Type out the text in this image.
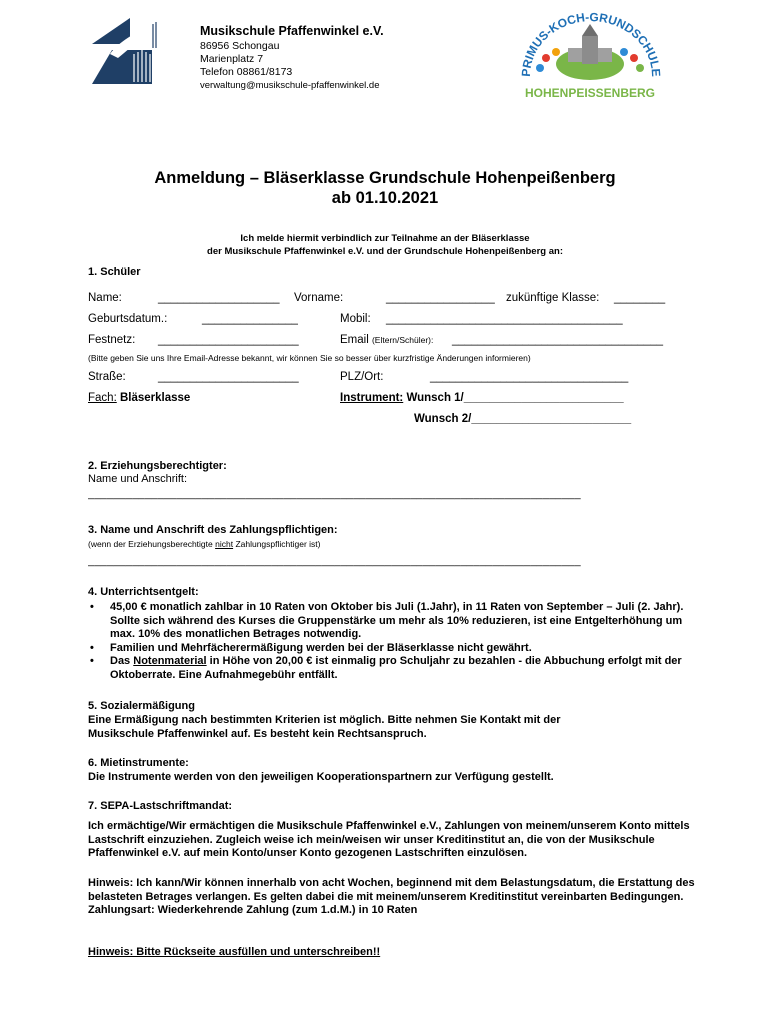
Musikschule Pfaffenwinkel e.V.
86956 Schongau
Marienplatz 7
Telefon 08861/8173
verwaltung@musikschule-pfaffenwinkel.de
PRIMUS-KOCH-GRUNDSCHULE
HOHENPEISSENBERG
Anmeldung – Bläserklasse Grundschule Hohenpeißenberg
ab 01.10.2021
Ich melde hiermit verbindlich zur Teilnahme an der Bläserklasse
der Musikschule Pfaffenwinkel e.V. und der Grundschule Hohenpeißenberg an:
1. Schüler
Name:	___________________ Vorname:	_________________ zukünftige Klasse: ________
Geburtsdatum.:	_______________	Mobil: _____________________________________
Festnetz: ______________________	Email (Eltern/Schüler): _________________________________
(Bitte geben Sie uns Ihre Email-Adresse bekannt, wir können Sie so besser über kurzfristige Änderungen informieren)
Straße:	______________________	PLZ/Ort:	_______________________________
Fach: Bläserklasse	Instrument: Wunsch 1/_________________________
Wunsch 2/_________________________
2. Erziehungsberechtigter:
Name und Anschrift:
______________________________________________________________________________
3. Name und Anschrift des Zahlungspflichtigen:
(wenn der Erziehungsberechtigte nicht Zahlungspflichtiger ist)
______________________________________________________________________________
4. Unterrichtsentgelt:
• 45,00 € monatlich zahlbar in 10 Raten von Oktober bis Juli (1.Jahr), in 11 Raten von September – Juli (2. Jahr). Sollte sich während des Kurses die Gruppenstärke um mehr als 10% reduzieren, ist eine Entgelterhöhung um max. 10% des monatlichen Betrages notwendig.
• Familien und Mehrfächerermäßigung werden bei der Bläserklasse nicht gewährt.
• Das Notenmaterial in Höhe von 20,00 € ist einmalig pro Schuljahr zu bezahlen - die Abbuchung erfolgt mit der Oktoberrate. Eine Aufnahmegebühr entfällt.
5. Sozialermäßigung
Eine Ermäßigung nach bestimmten Kriterien ist möglich. Bitte nehmen Sie Kontakt mit der Musikschule Pfaffenwinkel auf. Es besteht kein Rechtsanspruch.
6. Mietinstrumente:
Die Instrumente werden von den jeweiligen Kooperationspartnern zur Verfügung gestellt.
7. SEPA-Lastschriftmandat:
Ich ermächtige/Wir ermächtigen die Musikschule Pfaffenwinkel e.V., Zahlungen von meinem/unserem Konto mittels Lastschrift einzuziehen. Zugleich weise ich mein/weisen wir unser Kreditinstitut an, die von der Musikschule Pfaffenwinkel e.V. auf mein Konto/unser Konto gezogenen Lastschriften einzulösen.
Hinweis: Ich kann/Wir können innerhalb von acht Wochen, beginnend mit dem Belastungsdatum, die Erstattung des belasteten Betrages verlangen. Es gelten dabei die mit meinem/unserem Kreditinstitut vereinbarten Bedingungen. Zahlungsart: Wiederkehrende Zahlung (zum 1.d.M.) in 10 Raten
Hinweis: Bitte Rückseite ausfüllen und unterschreiben!!
